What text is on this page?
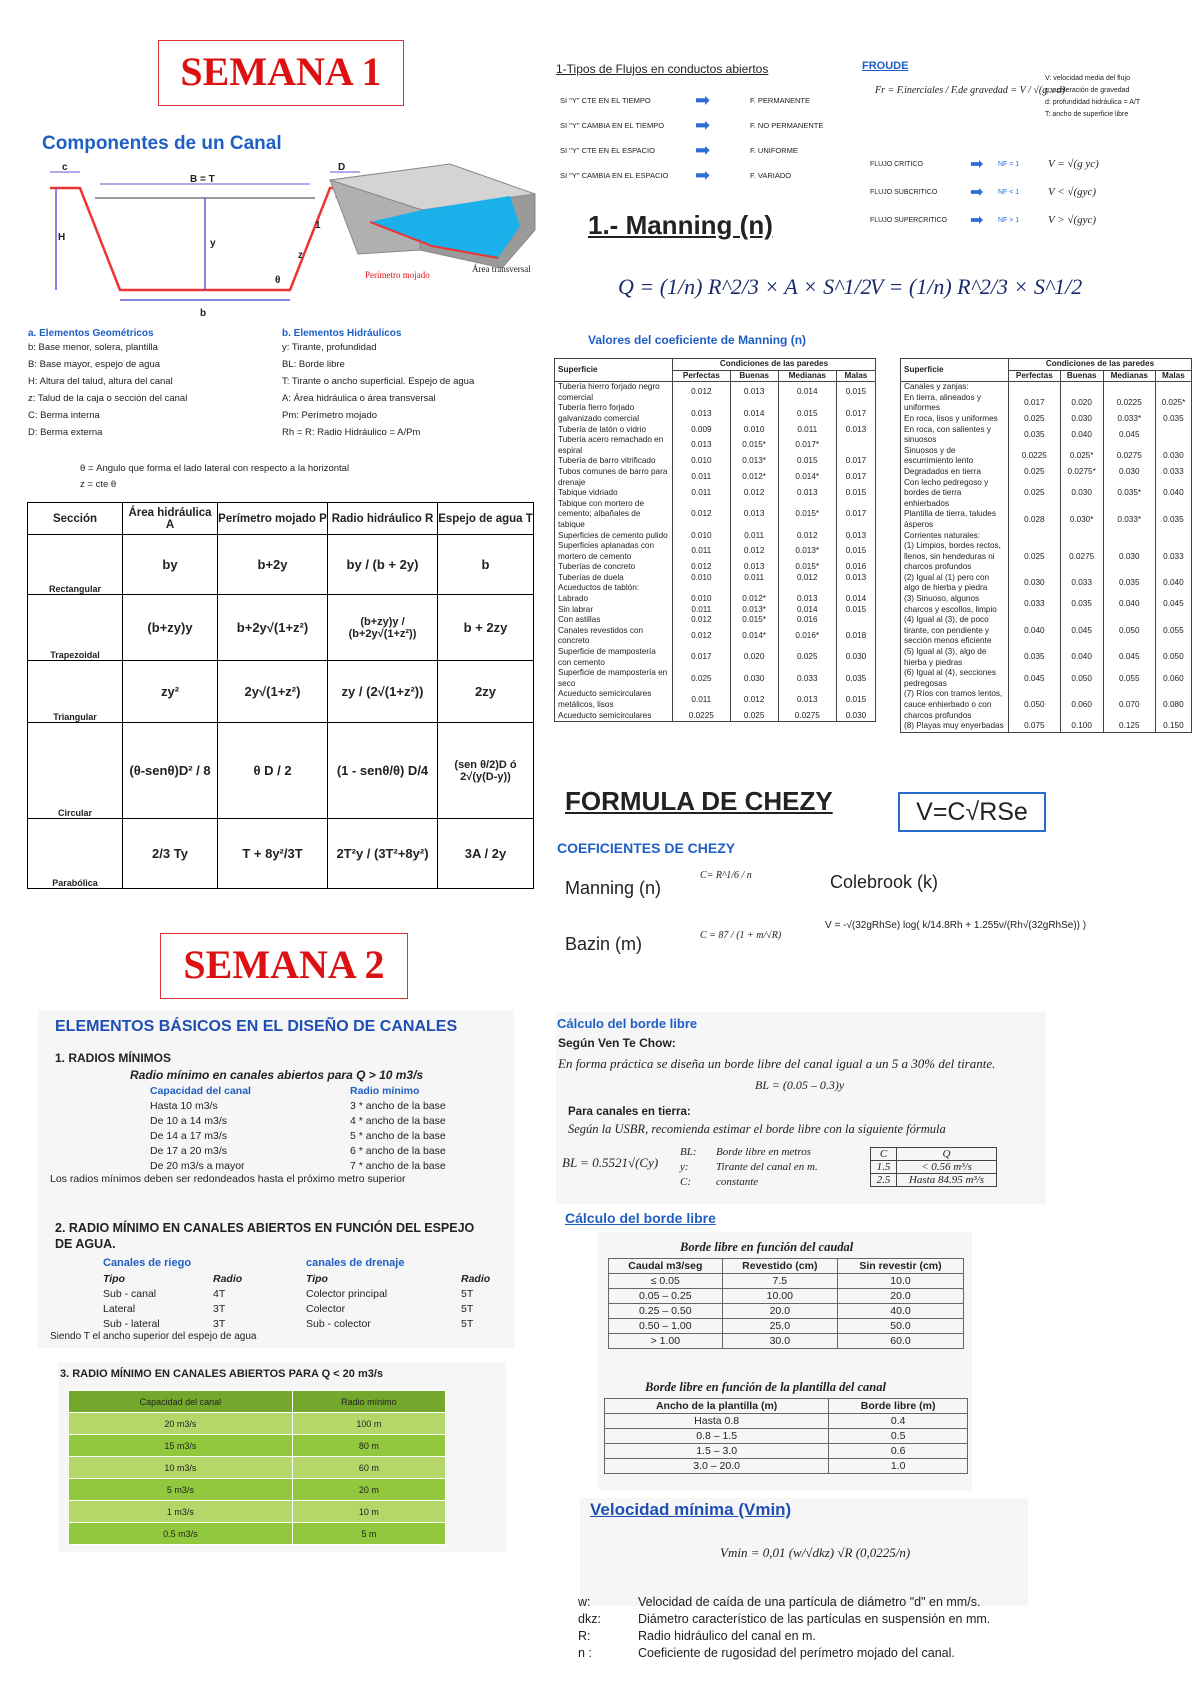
SEMANA 1
Componentes de un Canal
c	D
B = T
H
y
1
z
θ
b
Perímetro mojado
Área transversal
a. Elementos Geométricos
b: Base menor, solera, plantilla
B: Base mayor, espejo de agua
H: Altura del talud, altura del canal
z: Talud de la caja o sección del canal
C: Berma interna
D: Berma externa
b. Elementos Hidráulicos
y: Tirante, profundidad
BL: Borde libre
T: Tirante o ancho superficial. Espejo de agua
A: Área hidráulica o área transversal
Pm: Perímetro mojado
Rh = R: Radio Hidráulico = A/Pm
θ = Angulo que forma el lado lateral con respecto a la horizontal
z = cte θ
Sección	Área hidráulica A	Perímetro mojado P	Radio hidráulico R	Espejo de agua T
Rectangular	by	b+2y	by / (b + 2y)	b
Trapezoidal	(b+zy)y	b+2y√(1+z²)	(b+zy)y / (b+2y√(1+z²))	b + 2zy
Triangular	zy²	2y√(1+z²)	zy / (2√(1+z²))	2zy
Circular	(θ-senθ)D² / 8	θ D / 2	(1 - senθ/θ) D/4	(sen θ/2)D ó 2√(y(D-y))
Parabólica	2/3 Ty	T + 8y²/3T	2T²y / (3T²+8y²)	3A / 2y
1-Tipos de Flujos en conductos abiertos
SI "Y" CTE EN EL TIEMPO	➡	F. PERMANENTE
SI "Y" CAMBIA EN EL TIEMPO	➡	F. NO PERMANENTE
SI "Y" CTE EN EL ESPACIO	➡	F. UNIFORME
SI "Y" CAMBIA EN EL ESPACIO	➡	F. VARIADO
FROUDE
Fr = F.inerciales / F.de gravedad = V / √(g x d)
V: velocidad media del flujo
g: aceleración de gravedad
d: profundidad hidráulica = A/T
T: ancho de superficie libre
FLUJO CRITICO	➡	NF = 1	V = √(g yc)
FLUJO SUBCRITICO	➡	NF < 1	V < √(gyc)
FLUJO SUPERCRITICO	➡	NF > 1	V > √(gyc)
1.- Manning (n)
Q = (1/n) R^2/3 × A × S^1/2
V = (1/n) R^2/3 × S^1/2
Valores del coeficiente de Manning (n)
Superficie	Condiciones de las paredes			
	Perfectas	Buenas	Medianas	Malas
Tubería hierro forjado negro comercial	0.012	0.013	0.014	0.015
Tubería fierro forjado galvanizado comercial	0.013	0.014	0.015	0.017
Tubería de latón o vidrio	0.009	0.010	0.011	0.013
Tubería acero remachado en espiral	0.013	0.015*	0.017*	
Tubería de barro vitrificado	0.010	0.013*	0.015	0.017
Tubos comunes de barro para drenaje	0.011	0.012*	0.014*	0.017
Tabique vidriado	0.011	0.012	0.013	0.015
Tabique con mortero de cemento; albañales de tabique	0.012	0.013	0.015*	0.017
Superficies de cemento pulido	0.010	0.011	0.012	0.013
Superficies aplanadas con mortero de cemento	0.011	0.012	0.013*	0.015
Tuberías de concreto	0.012	0.013	0.015*	0.016
Tuberías de duela	0.010	0.011	0.012	0.013
Acueductos de tablón:				
Labrado	0.010	0.012*	0.013	0.014
Sin labrar	0.011	0.013*	0.014	0.015
Con astillas	0.012	0.015*	0.016	
Canales revestidos con concreto	0.012	0.014*	0.016*	0.018
Superficie de mampostería con cemento	0.017	0.020	0.025	0.030
Superficie de mampostería en seco	0.025	0.030	0.033	0.035
Acueducto semicirculares metálicos, lisos	0.011	0.012	0.013	0.015
Acueducto semicirculares	0.0225	0.025	0.0275	0.030
Superficie	Condiciones de las paredes			
	Perfectas	Buenas	Medianas	Malas
Canales y zanjas:				
En tierra, alineados y uniformes	0.017	0.020	0.0225	0.025*
En roca, lisos y uniformes	0.025	0.030	0.033*	0.035
En roca, con salientes y sinuosos	0.035	0.040	0.045	
Sinuosos y de escurrimiento lento	0.0225	0.025*	0.0275	0.030
Degradados en tierra	0.025	0.0275*	0.030	0.033
Con lecho pedregoso y bordes de tierra enhierbados	0.025	0.030	0.035*	0.040
Plantilla de tierra, taludes ásperos	0.028	0.030*	0.033*	0.035
Corrientes naturales:				
(1) Limpios, bordes rectos, llenos, sin hendeduras ni charcos profundos	0.025	0.0275	0.030	0.033
(2) Igual al (1) pero con algo de hierba y piedra	0.030	0.033	0.035	0.040
(3) Sinuoso, algunos charcos y escollos, limpio	0.033	0.035	0.040	0.045
(4) Igual al (3), de poco tirante, con pendiente y sección menos eficiente	0.040	0.045	0.050	0.055
(5) Igual al (3), algo de hierba y piedras	0.035	0.040	0.045	0.050
(6) Igual al (4), secciones pedregosas	0.045	0.050	0.055	0.060
(7) Ríos con tramos lentos, cauce enhierbado o con charcos profundos	0.050	0.060	0.070	0.080
(8) Playas muy enyerbadas	0.075	0.100	0.125	0.150
FORMULA DE CHEZY	V=C√RSe
COEFICIENTES DE CHEZY
Manning (n)
C= R^1/6 / n	Colebrook (k)
V = -√(32gRhSe) log( k/14.8Rh + 1.255ν/(Rh√(32gRhSe)) )
Bazin (m)	C = 87 / (1 + m/√R)
SEMANA 2
ELEMENTOS BÁSICOS EN EL DISEÑO DE CANALES
1. RADIOS MÍNIMOS
Radio mínimo en canales abiertos para Q > 10 m3/s
Capacidad del canal	Radio mínimo
Hasta 10 m3/s	3 * ancho de la base
De 10 a 14 m3/s	4 * ancho de la base
De 14 a 17 m3/s	5 * ancho de la base
De 17 a 20 m3/s	6 * ancho de la base
De 20 m3/s a mayor	7 * ancho de la base
Los radios mínimos deben ser redondeados hasta el próximo metro superior
2. RADIO MÍNIMO EN CANALES ABIERTOS EN FUNCIÓN DEL ESPEJO DE AGUA.
Canales de riego	canales de drenaje
Tipo	Radio
Sub - canal	4T
Lateral	3T
Sub - lateral	3T
Tipo	Radio
Colector principal	5T
Colector	5T
Sub - colector	5T
Siendo T el ancho superior del espejo de agua
3. RADIO MÍNIMO EN CANALES ABIERTOS PARA Q < 20 m3/s
Capacidad del canal	Radio mínimo
20 m3/s	100 m
15 m3/s	80 m
10 m3/s	60 m
5 m3/s	20 m
1 m3/s	10 m
0.5 m3/s	5 m
Cálculo del borde libre
Según Ven Te Chow:
En forma práctica se diseña un borde libre del canal igual a un 5 a 30% del tirante.
BL = (0.05 – 0.3)y
Para canales en tierra:
Según la USBR, recomienda estimar el borde libre con la siguiente fórmula
BL = 0.5521√(Cy)
BL: Borde libre en metros
y: Tirante del canal en m.
C: constante
C	Q
1.5	< 0.56 m³/s
2.5	Hasta 84.95 m³/s
Cálculo del borde libre
Borde libre en función del caudal
Caudal m3/seg	Revestido (cm)	Sin revestir (cm)
≤ 0.05	7.5	10.0
0.05 – 0.25	10.00	20.0
0.25 – 0.50	20.0	40.0
0.50 – 1.00	25.0	50.0
> 1.00	30.0	60.0
Borde libre en función de la plantilla del canal
Ancho de la plantilla (m)	Borde libre (m)
Hasta 0.8	0.4
0.8 – 1.5	0.5
1.5 – 3.0	0.6
3.0 – 20.0	1.0
Velocidad mínima (Vmin)
Vmin = 0,01 (w/√dkz) √R (0,0225/n)
w:	Velocidad de caída de una partícula de diámetro "d" en mm/s.
dkz:	Diámetro característico de las partículas en suspensión en mm.
R:	Radio hidráulico del canal en m.
n :	Coeficiente de rugosidad del perímetro mojado del canal.
